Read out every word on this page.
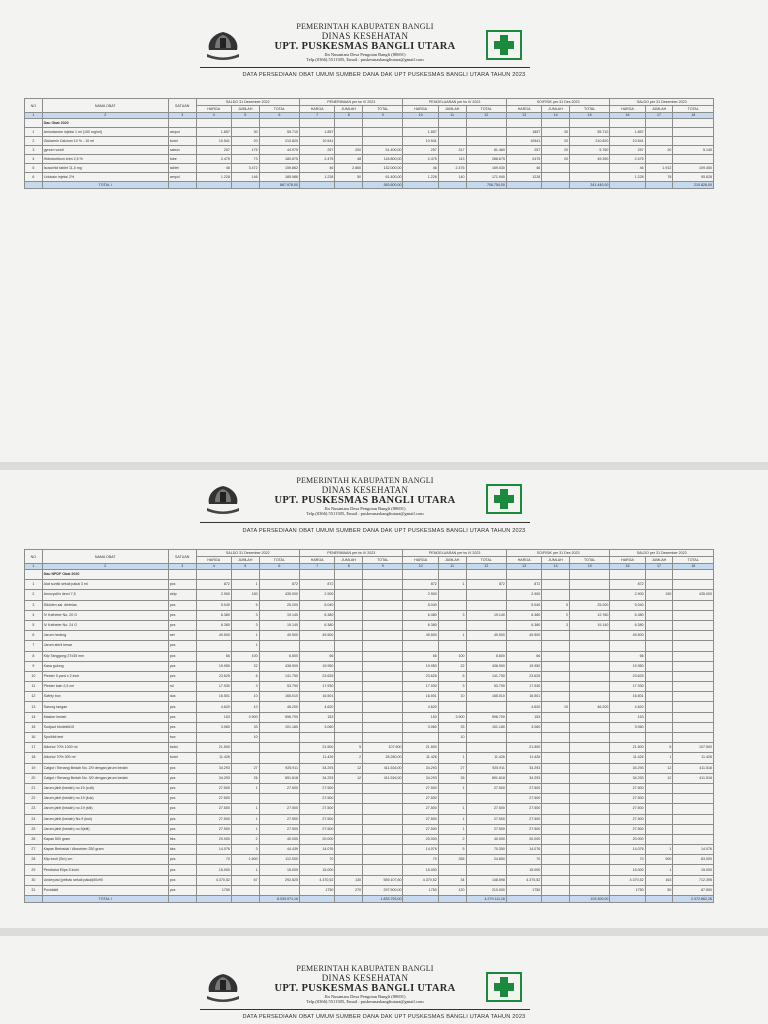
PEMERINTAH KABUPATEN BANGLI
DINAS KESEHATAN
UPT. PUSKESMAS BANGLI UTARA
Jln Nusantara Desa Pengotan Bangli (80691)
Telp.(0366) 5511305, Email : puskesmasbangliutara@gmail.com
DATA PERSEDIAAN OBAT UMUM SUMBER DANA DAK UPT PUSKESMAS BANGLI UTARA TAHUN 2023
NO	NAMA OBAT	SATUAN	SALDO 31 Desember 2022			PENERIMAAN per tw IV 2023			PENGELUARAN per tw IV 2023			SO/FISIK per 31 Des 2023			SALDO per 31 Desember 2023		
			HARGA	JUMLAH	TOTAL	HARGA	JUMLAH	TOTAL	HARGA	JUMLAH	TOTAL	HARGA	JUMLAH	TOTAL	HARGA	JUMLAH	TOTAL
1	2	3	4	5	6	7	8	9	10	11	12	13	14	15	16	17	18
	Dau Obat 2020																
1	Amiodarone injeksi 1 ml (150 mg/ml)	ampul	1.857	30	55.710	1.857			1.857			1857	30	55.710	1.857		
2	Glukamin Calcium 10 % - 10 ml	botol	10.541	20	210.820	10.541			10.541			10541	20	210.820	10.541		
3	gynom vowit	sabun	257	175	44.975	257	200	51.400,00	257	317	81.469	257	20	5.760	257	20	5.140
4	Hidrokortison krim 2,5 %	tube	2.475	73	180.675	2.475	48	118.800,00	2.475	113	288.675	2475	20	49.390	2.475		
5	Isosorbid tablet 11,5 mg	tablet	46	3.472	159.862	46	2.860	132.000,00	46	2.476	169.030	46			46	1.912	109.450
6	Lidokain injeksi 2%	ampul	1.228	146	185.986	1.228	50	61.400,00	1.228	140	171.940	1228			1.228	78	95.628
	TOTAL I				867.978,00			363.600,00			706.754,00			341.440,00			210.826,00
PEMERINTAH KABUPATEN BANGLI
DINAS KESEHATAN
UPT. PUSKESMAS BANGLI UTARA
Jln Nusantara Desa Pengotan Bangli (80691)
Telp.(0366) 5511305, Email : puskesmasbangliutara@gmail.com
DATA PERSEDIAAN OBAT UMUM SUMBER DANA DAK UPT PUSKESMAS BANGLI UTARA TAHUN 2023
NO	NAMA OBAT	SATUAN	SALDO 31 Desember 2022			PENERIMAAN per tw IV 2023			PENGELUARAN per tw IV 2023			SO/FISIK per 31 Des 2023			SALDO per 31 Desember 2023		
			HARGA	JUMLAH	TOTAL	HARGA	JUMLAH	TOTAL	HARGA	JUMLAH	TOTAL	HARGA	JUMLAH	TOTAL	HARGA	JUMLAH	TOTAL
1	2	3	4	5	6	7	8	9	10	11	12	13	14	15	16	17	18
	Dau NPDF Obat 2020																
1	Alat suntik sekali pakai 3 ml	pcs	872	1	872	872			872	1	872	872			872		
2	Amoxycilin dexri 7,5	strip	2.900	150	435.000	2.900			2.900			2.900			2.900	150	435.000
3	Diklofen sal. dietelas	pcs	5.040	5	25.200	5.040			5.040			5.040	5	25.200	5.040		
4	IV Katheter No. 20 G	pcs	6.380	3	19.140	6.380			6.380	3	19.140	6.380	2	12.760	6.380		
5	IV Katheter No. 24 G	pcs	6.380	3	19.140	6.380			6.380			6.380	3	19.140	6.380		
6	Jarum hecting	set	49.500	1	49.500	49.500			49.500	1	49.500	49.500			49.500		
7	Jarum steril besar	pcs		1													
8	Klip Tanggong 27x35 mm	pcs	66	100	6.600	66			66	100	6.600	66			66		
9	Kasa gulung	pcs	19.950	22	438.900	19.950			19.950	22	438.900	19.950			19.950		
10	Plester 5 yard x 2 inch	pcs	23.625	6	141.750	23.625			23.625	6	141.750	23.625			23.625		
11	Plester kain 2,5 cm	rol	17.930	3	53.790	17.930			17.930	3	53.790	17.930			17.930		
12	Safety box	dus	16.501	10	165.010	16.501			16.501	10	165.010	16.501			16.501		
13	Sarung tangan	pcs	4.620	10	46.200	4.620			4.620			4.620	10	46.200	4.620		
14	Masker bedah	pcs	153	3.900	596.700	153			153	3.900	596.700	153			153		
15	Sudjaut blodeklit15	pcs	3.060	33	101.180	3.060			3.060	33	101.180	3.060			3.060		
16	Spuit/kit test	box		10						10							
17	Alkohol 70% 1000 ml	botol	21.500			21.500	5	107.500	21.500			21.500			21.500	5	107.500
18	Alkohol 70% 300 ml	botol	11.426			11.426	2	28.280,00	11.426	1	11.426	11.426			11.426	1	11.426
19	Catgut / Benang Bedah No. 2/0 dengan jarum bedah	pcs	34.293	27	925.911	34.293	12	411.516,00	34.293	27	925.911	34.293			34.293	12	411.516
20	Catgut / Benang Bedah No. 3/0 dengan jarum bedah	pcs	34.293	26	891.618	34.293	12	411.516,00	34.293	26	891.618	34.293			34.293	12	411.516
21	Jarum jahit (bedah) no.19 (cutt)	pcs	27.500	1	27.500	27.500			27.500	1	27.500	27.500			27.500		
22	Jarum jahit (bedah) no.19 (kuk)	pcs	27.500			27.500			27.500			27.500			27.500		
23	Jarum jahit (bedah) no.19 (stit)	pcs	27.500	1	27.500	27.500			27.500	1	27.500	27.500			27.500		
24	Jarum jahit (bedah) No.9 (kuk)	pcs	27.500	1	27.500	27.500			27.500	1	27.500	27.500			27.500		
25	Jarum jahit (bedah) no.9(stit)	pcs	27.500	1	27.500	27.500			27.500	1	27.500	27.500			27.500		
26	Kapas 500 gram	bks	20.000	2	40.000	20.000			20.000	2	40.000	20.000			20.000		
27	Kapas Berbadal / Absorben 250 gram	bks	14.076	3	44.439	14.076			14.076	5	70.350	14.076			14.076	1	14.076
28	Klip kecil (Sm) cm	pcs	70	1.600	112.000	70			70	355	24.850	70			70	900	63.000
29	Pembalut Elips 5 inchi	pcs	15.000	1	15.000	15.000			15.000			15.000			15.000	1	15.000
30	Underpad (pelbak sekali pakai)60x90	pcs	4.370,52	67	292.825	4.370,52	130	559.107,60	4.370,52	34	148.598	4.370,52			4.370,52	163	712.395
31	Povidakit	pcs	1750			1750	270	297.500,00	1750	120	210.000	1750			1750	50	87.500
	TOTAL I				8.039.971,16			1.833.753,00			4.279.111,16			103.300,00			2.372.862,26
PEMERINTAH KABUPATEN BANGLI
DINAS KESEHATAN
UPT. PUSKESMAS BANGLI UTARA
Jln Nusantara Desa Pengotan Bangli (80691)
Telp.(0366) 5511305, Email : puskesmasbangliutara@gmail.com
DATA PERSEDIAAN OBAT UMUM SUMBER DANA DAK UPT PUSKESMAS BANGLI UTARA TAHUN 2023
